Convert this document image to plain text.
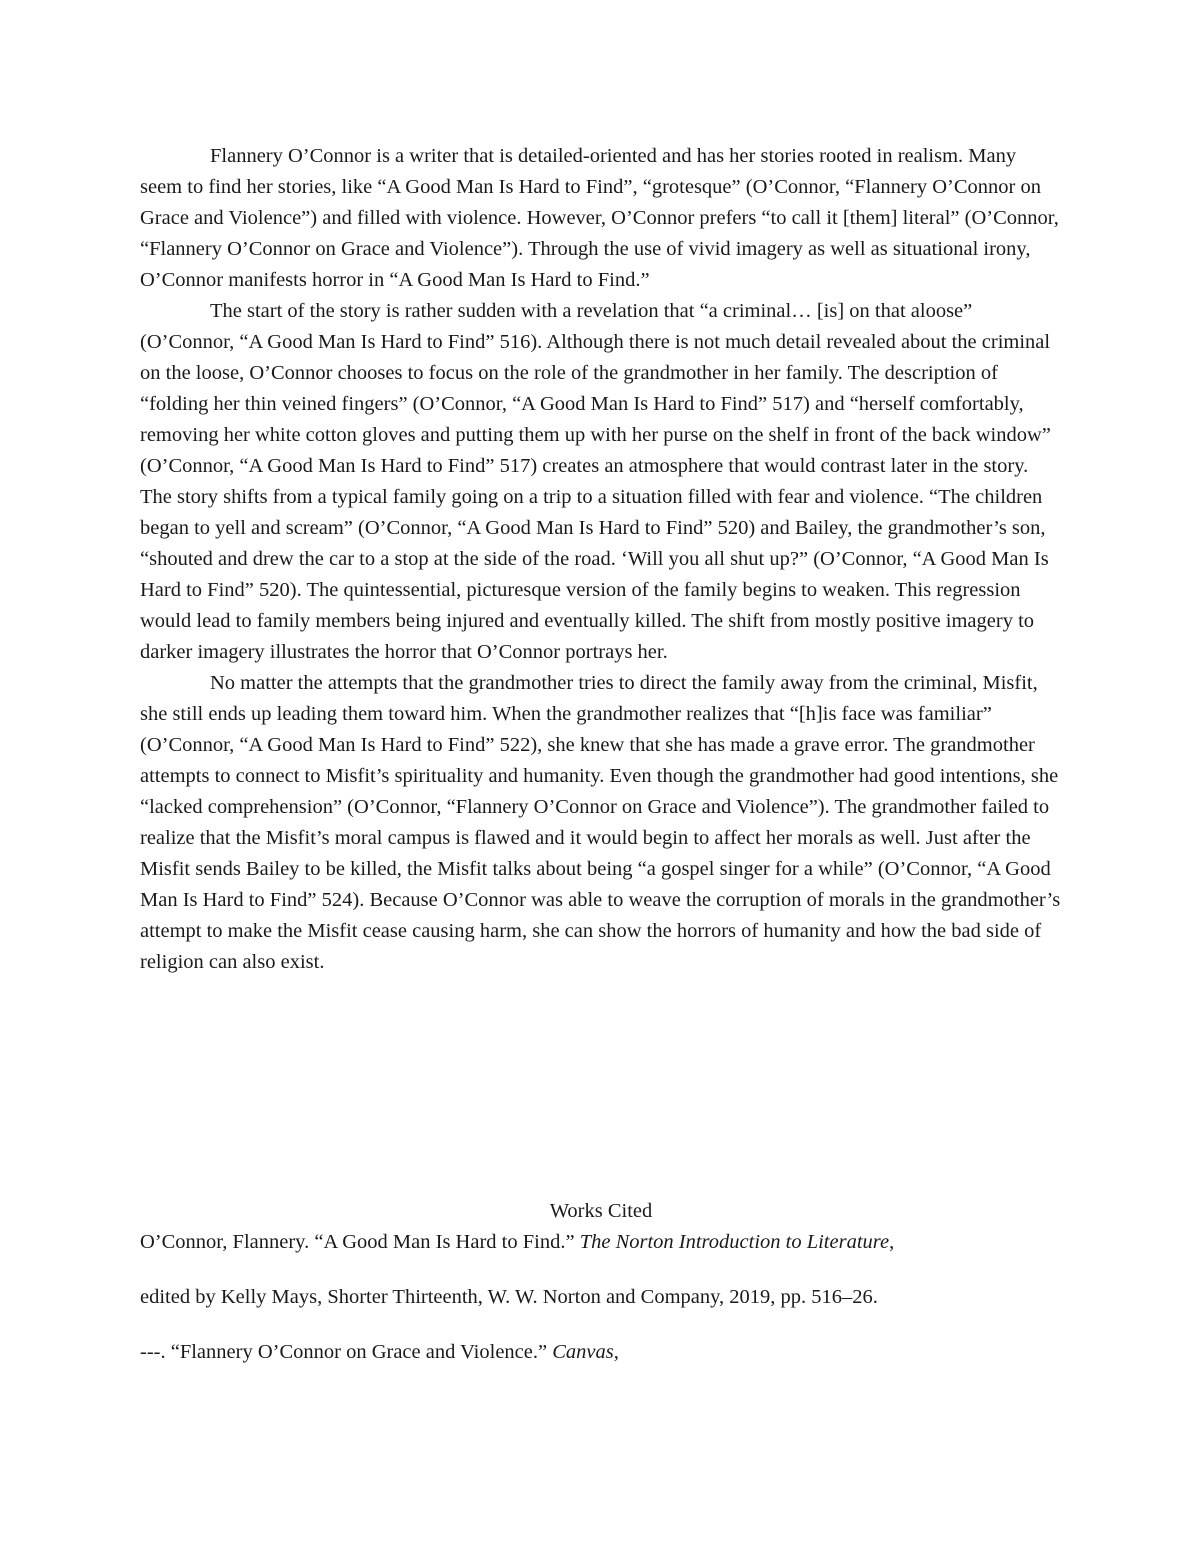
Flannery O’Connor is a writer that is detailed-oriented and has her stories rooted in realism. Many seem to find her stories, like “A Good Man Is Hard to Find”, “grotesque” (O’Connor, “Flannery O’Connor on Grace and Violence”) and filled with violence. However, O’Connor prefers “to call it [them] literal” (O’Connor, “Flannery O’Connor on Grace and Violence”). Through the use of vivid imagery as well as situational irony, O’Connor manifests horror in “A Good Man Is Hard to Find.”

The start of the story is rather sudden with a revelation that “a criminal… [is] on that aloose” (O’Connor, “A Good Man Is Hard to Find” 516). Although there is not much detail revealed about the criminal on the loose, O’Connor chooses to focus on the role of the grandmother in her family. The description of “folding her thin veined fingers” (O’Connor, “A Good Man Is Hard to Find” 517) and “herself comfortably, removing her white cotton gloves and putting them up with her purse on the shelf in front of the back window” (O’Connor, “A Good Man Is Hard to Find” 517) creates an atmosphere that would contrast later in the story. The story shifts from a typical family going on a trip to a situation filled with fear and violence. “The children began to yell and scream” (O’Connor, “A Good Man Is Hard to Find” 520) and Bailey, the grandmother’s son, “shouted and drew the car to a stop at the side of the road. ‘Will you all shut up?” (O’Connor, “A Good Man Is Hard to Find” 520). The quintessential, picturesque version of the family begins to weaken. This regression would lead to family members being injured and eventually killed. The shift from mostly positive imagery to darker imagery illustrates the horror that O’Connor portrays her.

No matter the attempts that the grandmother tries to direct the family away from the criminal, Misfit, she still ends up leading them toward him. When the grandmother realizes that “[h]is face was familiar” (O’Connor, “A Good Man Is Hard to Find” 522), she knew that she has made a grave error. The grandmother attempts to connect to Misfit’s spirituality and humanity. Even though the grandmother had good intentions, she “lacked comprehension” (O’Connor, “Flannery O’Connor on Grace and Violence”). The grandmother failed to realize that the Misfit’s moral campus is flawed and it would begin to affect her morals as well. Just after the Misfit sends Bailey to be killed, the Misfit talks about being “a gospel singer for a while” (O’Connor, “A Good Man Is Hard to Find” 524). Because O’Connor was able to weave the corruption of morals in the grandmother’s attempt to make the Misfit cease causing harm, she can show the horrors of humanity and how the bad side of religion can also exist.

Works Cited

O’Connor, Flannery. “A Good Man Is Hard to Find.” The Norton Introduction to Literature,
edited by Kelly Mays, Shorter Thirteenth, W. W. Norton and Company, 2019, pp. 516–26.

---. “Flannery O’Connor on Grace and Violence.” Canvas,
